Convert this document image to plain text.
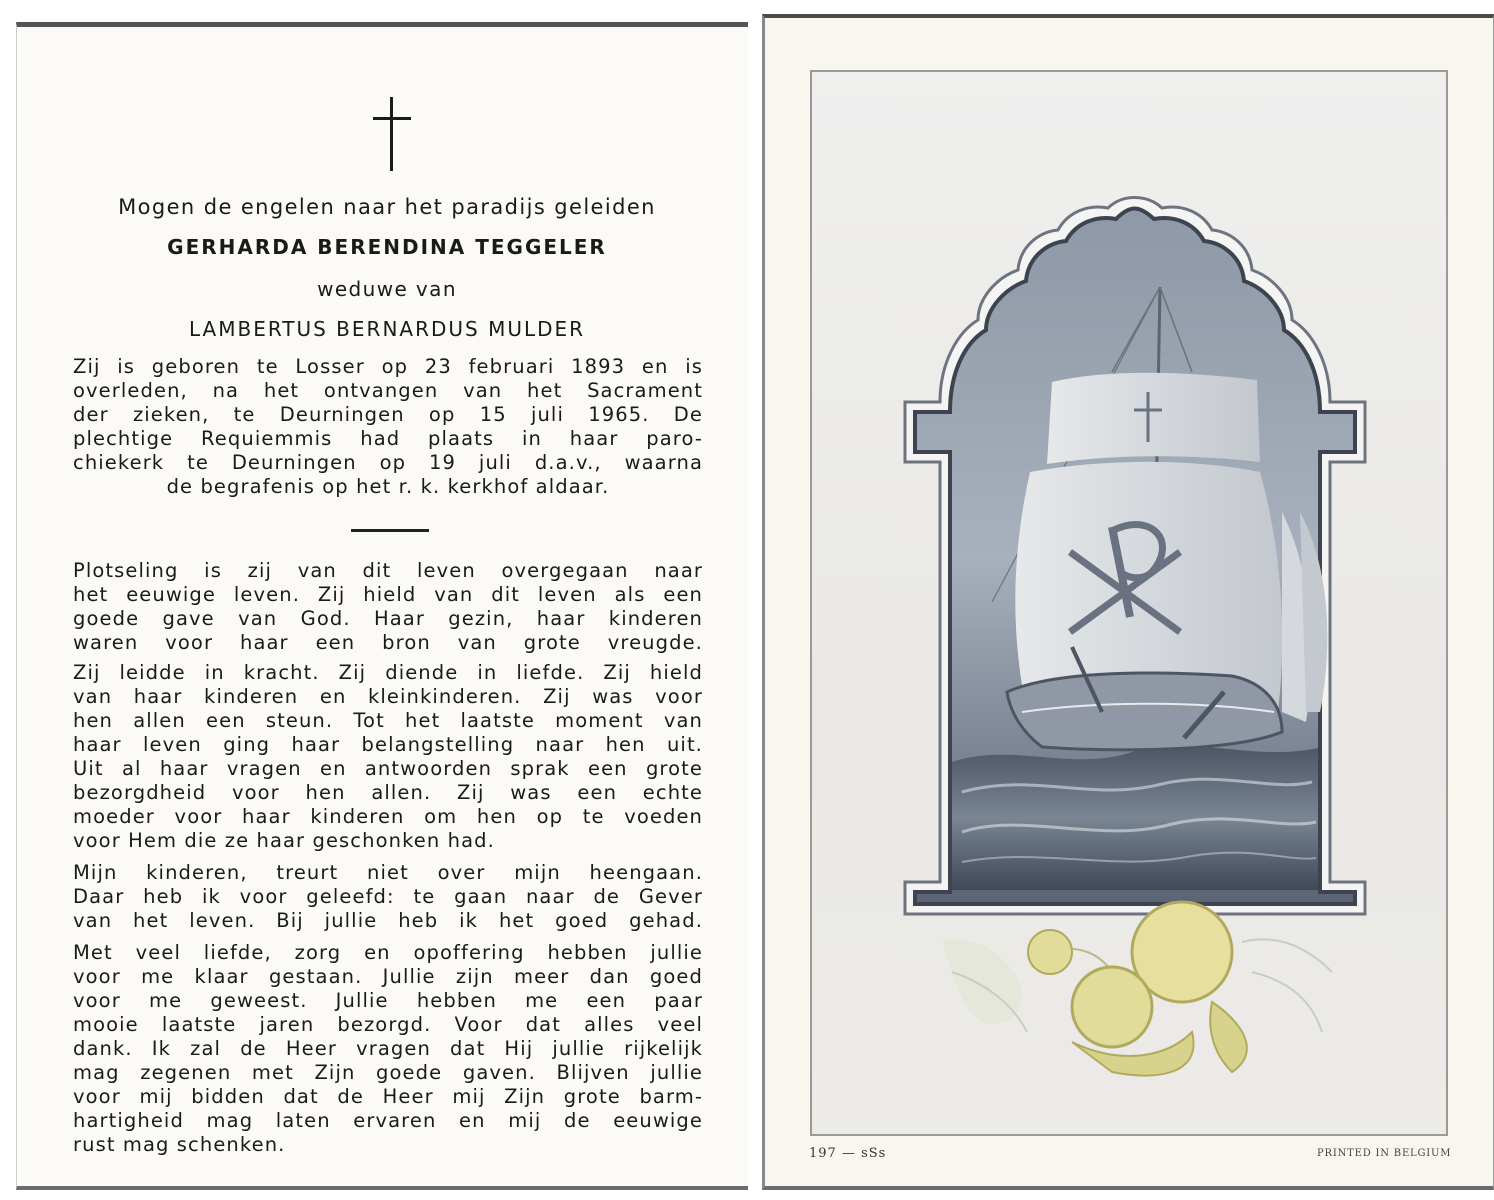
Mogen de engelen naar het paradijs geleiden
GERHARDA BERENDINA TEGGELER
weduwe van
LAMBERTUS BERNARDUS MULDER
Zij is geboren te Losser op 23 februari 1893 en is
overleden, na het ontvangen van het Sacrament
der zieken, te Deurningen op 15 juli 1965. De
plechtige Requiemmis had plaats in haar paro-
chiekerk te Deurningen op 19 juli d.a.v., waarna
de begrafenis op het r. k. kerkhof aldaar.
Plotseling is zij van dit leven overgegaan naar
het eeuwige leven. Zij hield van dit leven als een
goede gave van God. Haar gezin, haar kinderen
waren voor haar een bron van grote vreugde.
Zij leidde in kracht. Zij diende in liefde. Zij hield
van haar kinderen en kleinkinderen. Zij was voor
hen allen een steun. Tot het laatste moment van
haar leven ging haar belangstelling naar hen uit.
Uit al haar vragen en antwoorden sprak een grote
bezorgdheid voor hen allen. Zij was een echte
moeder voor haar kinderen om hen op te voeden
voor Hem die ze haar geschonken had.
Mijn kinderen, treurt niet over mijn heengaan.
Daar heb ik voor geleefd: te gaan naar de Gever
van het leven. Bij jullie heb ik het goed gehad.
Met veel liefde, zorg en opoffering hebben jullie
voor me klaar gestaan. Jullie zijn meer dan goed
voor me geweest. Jullie hebben me een paar
mooie laatste jaren bezorgd. Voor dat alles veel
dank. Ik zal de Heer vragen dat Hij jullie rijkelijk
mag zegenen met Zijn goede gaven. Blijven jullie
voor mij bidden dat de Heer mij Zijn grote barm-
hartigheid mag laten ervaren en mij de eeuwige
rust mag schenken.	197 — sSs	PRINTED IN BELGIUM
